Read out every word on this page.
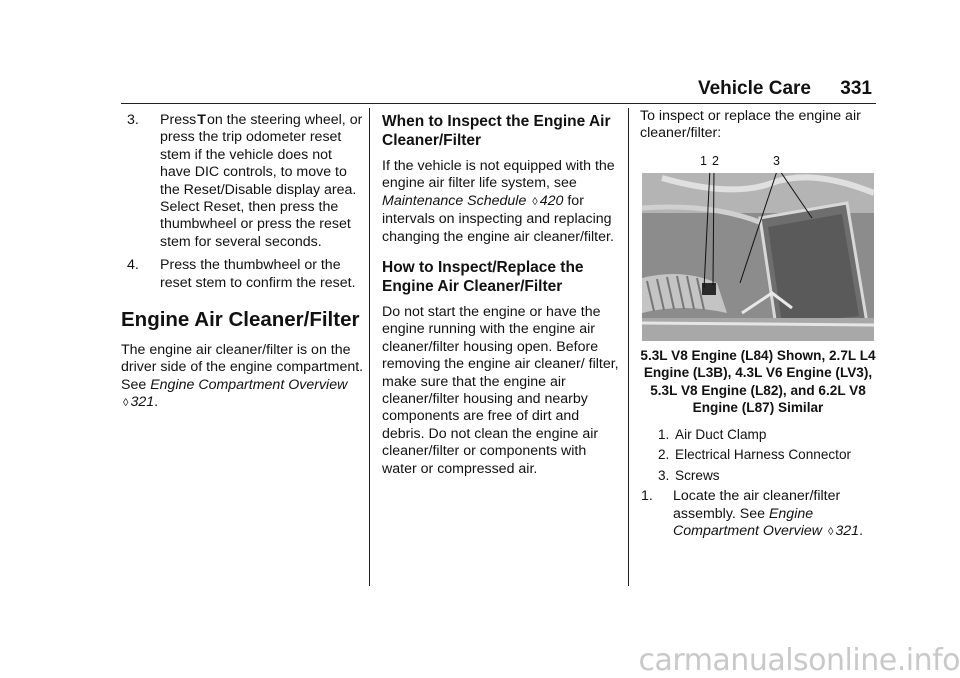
Vehicle Care 331
3. PressTon the steering wheel, or press the trip odometer reset stem if the vehicle does not have DIC controls, to move to the Reset/Disable display area. Select Reset, then press the thumbwheel or press the reset stem for several seconds.
4. Press the thumbwheel or the reset stem to confirm the reset.
Engine Air Cleaner/Filter

The engine air cleaner/filter is on the driver side of the engine compartment. See Engine Compartment Overview ◊ 321.

When to Inspect the Engine Air Cleaner/Filter

If the vehicle is not equipped with the engine air filter life system, see Maintenance Schedule ◊ 420 for intervals on inspecting and replacing changing the engine air cleaner/filter.

How to Inspect/Replace the Engine Air Cleaner/Filter

Do not start the engine or have the engine running with the engine air cleaner/filter housing open. Before removing the engine air cleaner/ filter, make sure that the engine air cleaner/filter housing and nearby components are free of dirt and debris. Do not clean the engine air cleaner/filter or components with water or compressed air.

To inspect or replace the engine air cleaner/filter:

1 2	3
5.3L V8 Engine (L84) Shown, 2.7L L4 Engine (L3B), 4.3L V6 Engine (LV3), 5.3L V8 Engine (L82), and 6.2L V8 Engine (L87) Similar
1. Air Duct Clamp
2. Electrical Harness Connector
3. Screws
1. Locate the air cleaner/filter assembly. See Engine Compartment Overview ◊ 321.
carmanualsonline.info
